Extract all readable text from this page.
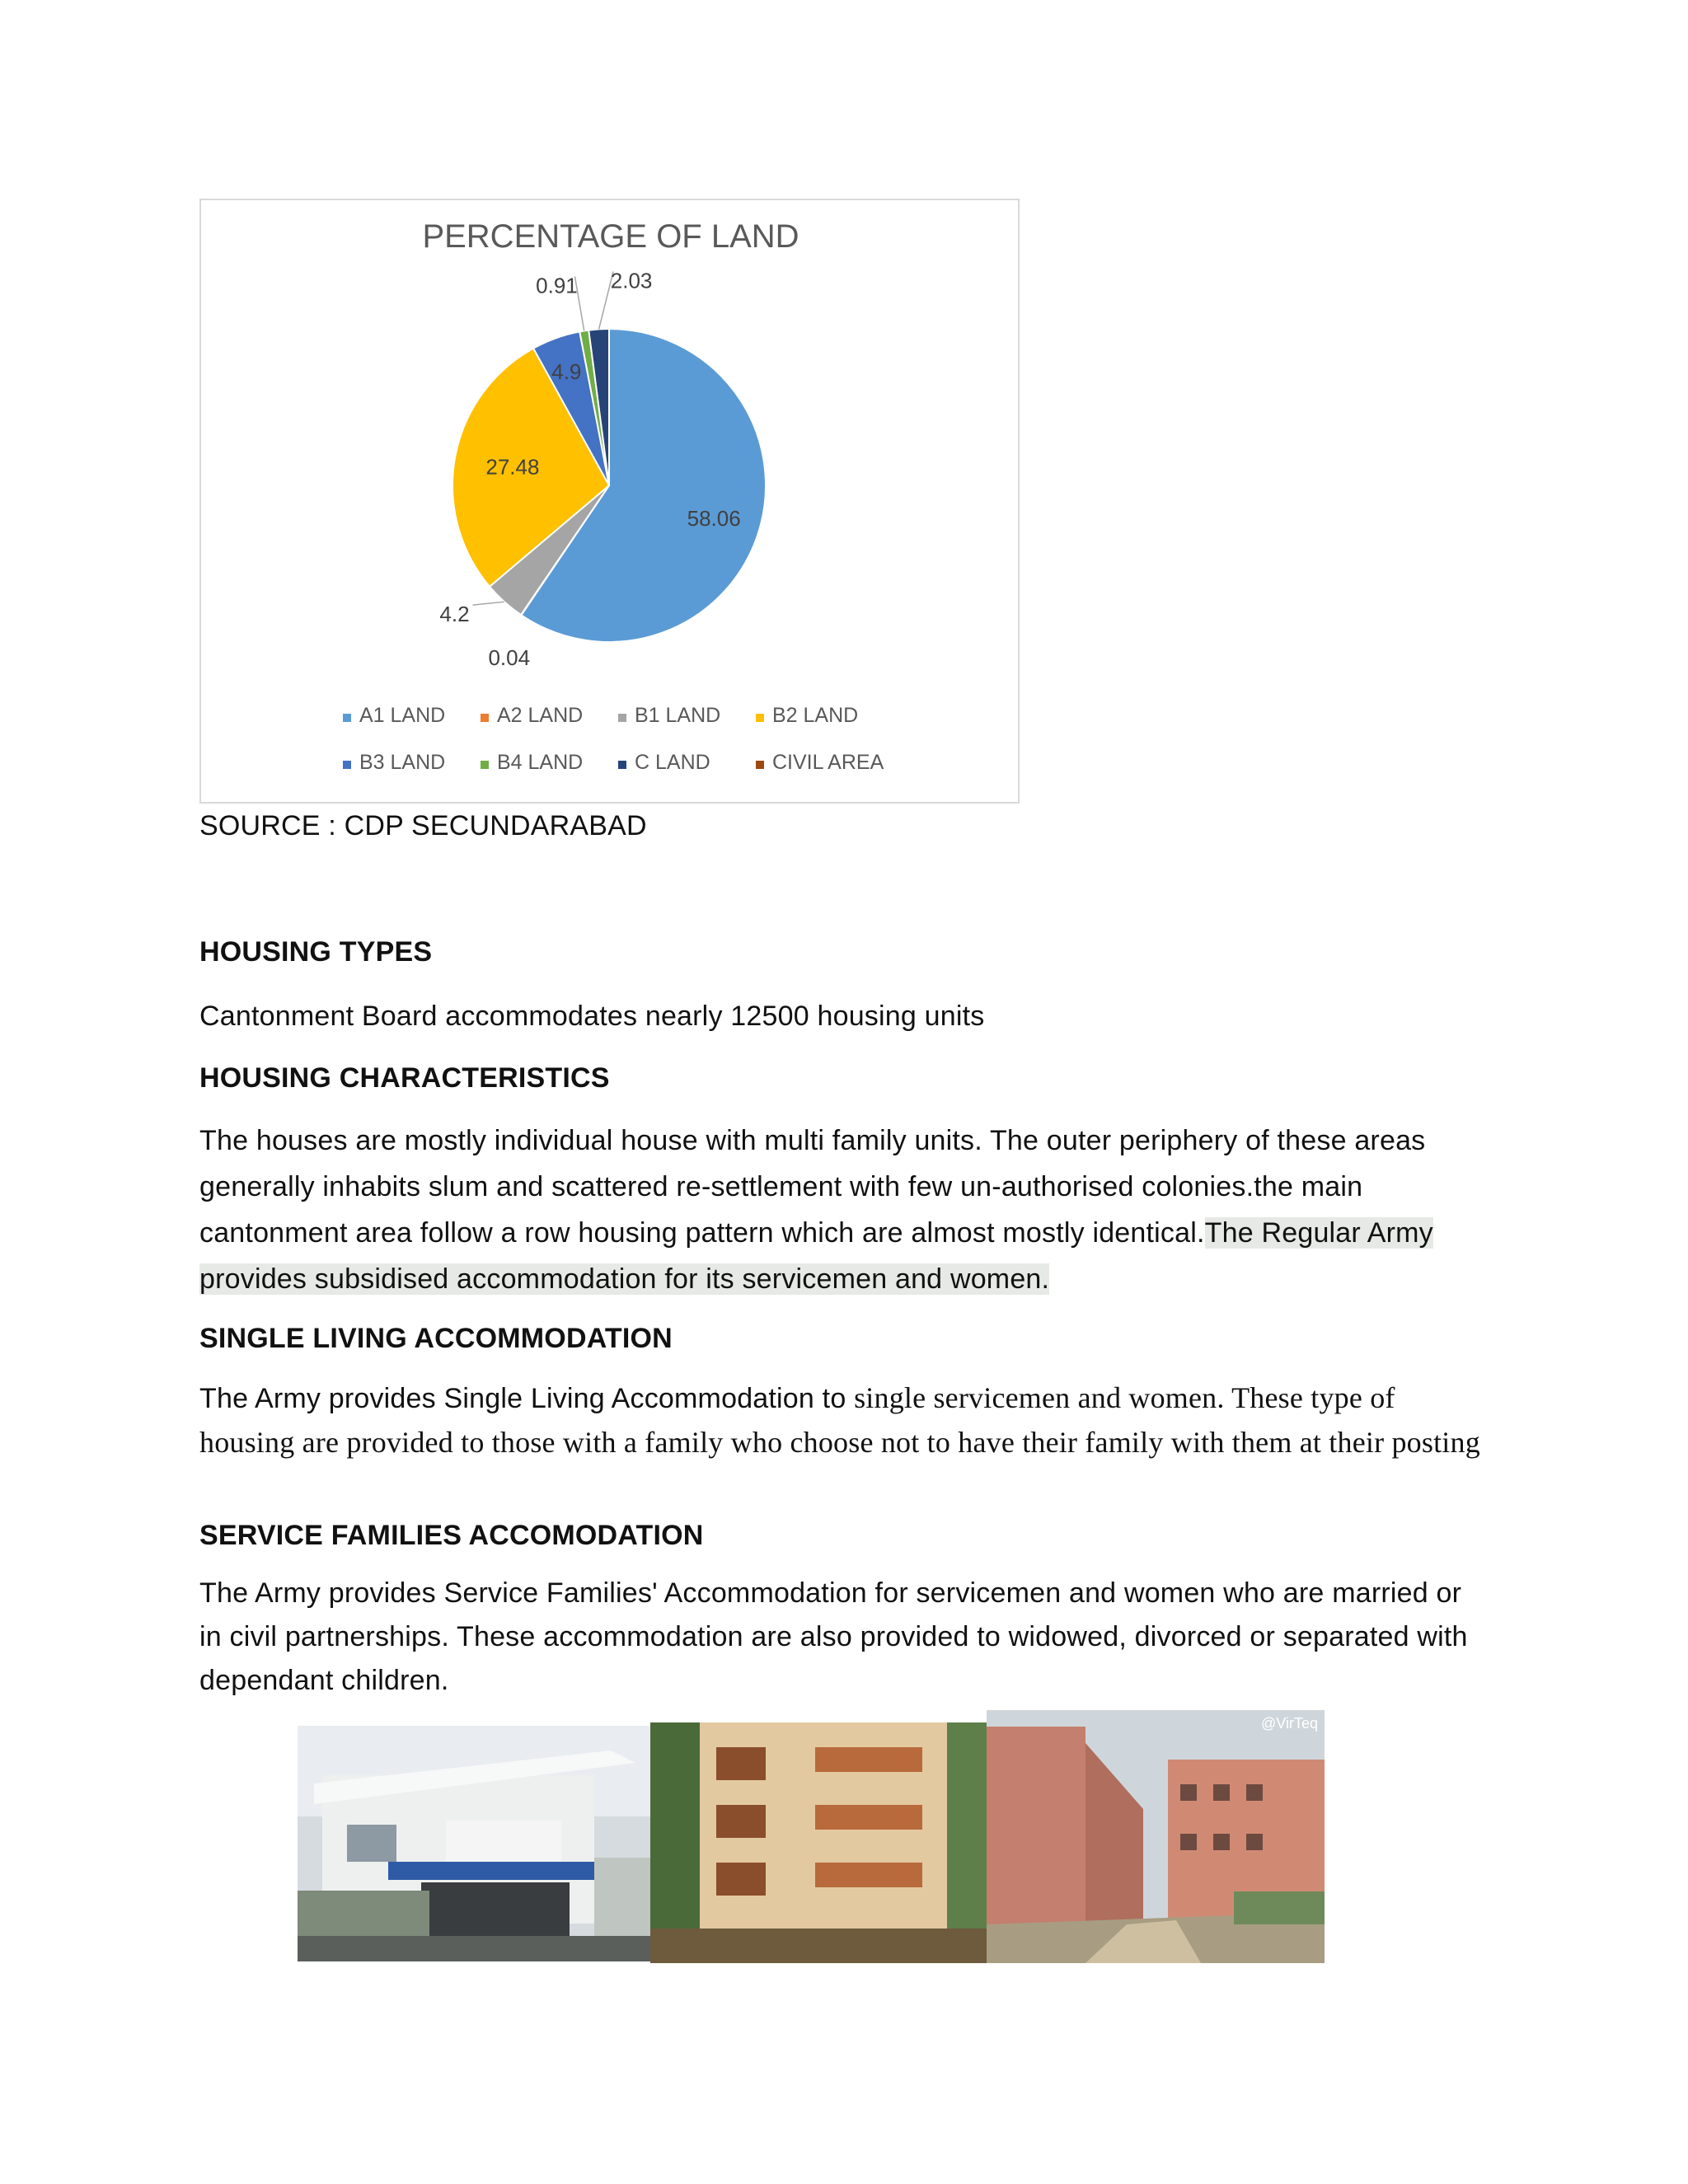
PERCENTAGE OF LAND
58.06
0.04
4.2
27.48
4.9
0.91 2.03
A1 LAND	A2 LAND	B1 LAND	B2 LAND
B3 LAND	B4 LAND	C LAND	CIVIL AREA
SOURCE : CDP SECUNDARABAD
HOUSING TYPES
Cantonment Board accommodates nearly 12500 housing units
HOUSING CHARACTERISTICS
The houses are mostly individual house with multi family units. The outer periphery of these areas generally inhabits slum and scattered re-settlement with few un-authorised colonies.the main cantonment area follow a row housing pattern which are almost mostly identical.The Regular Army provides subsidised accommodation for its servicemen and women.
SINGLE LIVING ACCOMMODATION
The Army provides Single Living Accommodation to single servicemen and women. These type of housing are provided to those with a family who choose not to have their family with them at their posting
SERVICE FAMILIES ACCOMODATION
The Army provides Service Families' Accommodation for servicemen and women who are married or in civil partnerships. These accommodation are also provided to widowed, divorced or separated with dependant children.
@VirTeq
